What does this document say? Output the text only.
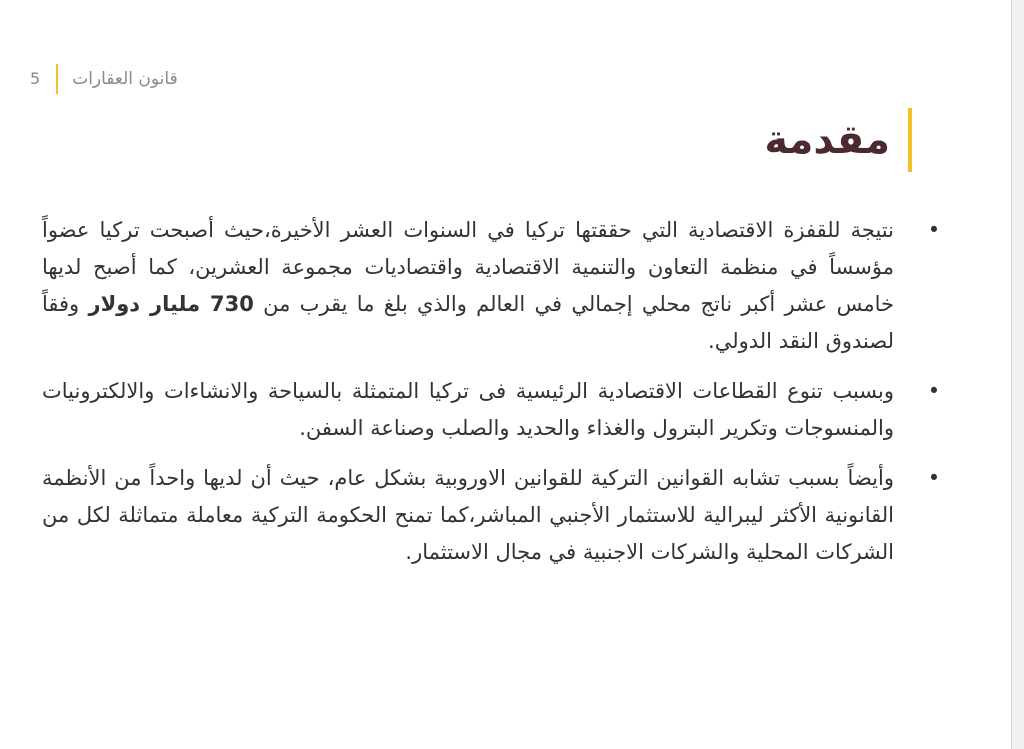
5	قانون العقارات
مقدمة
•
نتيجة للقفزة الاقتصادية التي حققتها تركيا في السنوات العشر الأخيرة،حيث أصبحت تركيا عضواً مؤسساً في منظمة التعاون والتنمية الاقتصادية واقتصاديات مجموعة العشرين، كما أصبح لديها خامس عشر أكبر ناتج محلي إجمالي في العالم والذي بلغ ما يقرب من 730 مليار دولار وفقاً لصندوق النقد الدولي.
•
وبسبب تنوع القطاعات الاقتصادية الرئيسية فى تركيا المتمثلة بالسياحة والانشاءات والالكترونيات والمنسوجات وتكرير البترول والغذاء والحديد والصلب وصناعة السفن.
•
وأيضاً بسبب تشابه القوانين التركية للقوانين الاوروبية بشكل عام، حيث أن لديها واحداً من الأنظمة القانونية الأكثر ليبرالية للاستثمار الأجنبي المباشر،كما تمنح الحكومة التركية معاملة متماثلة لكل من الشركات المحلية والشركات الاجنبية في مجال الاستثمار.
